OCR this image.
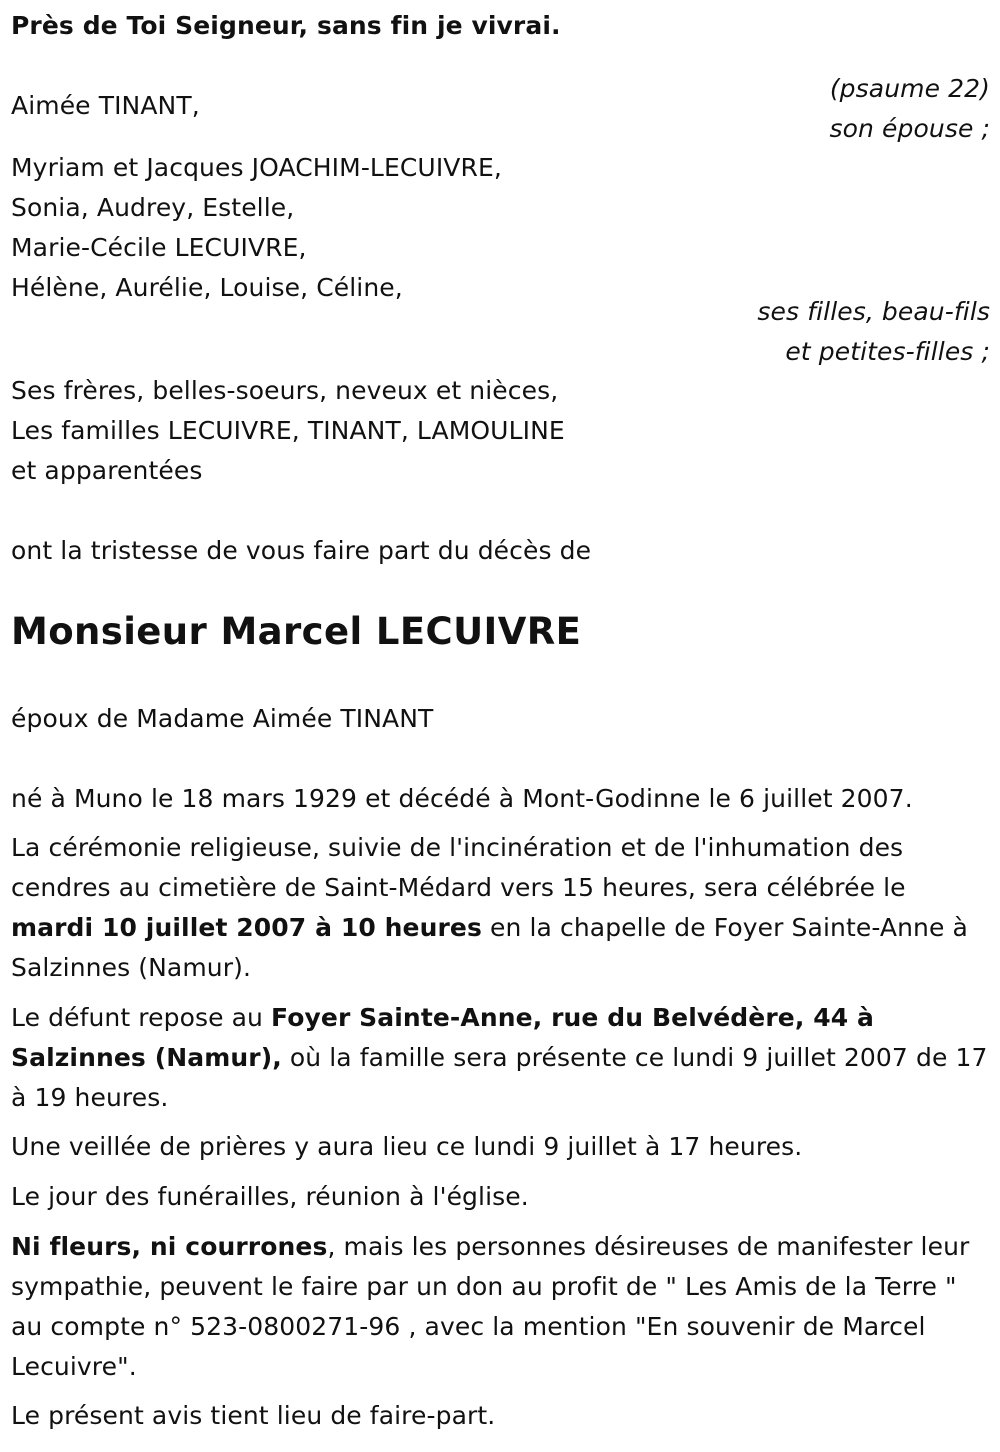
Près de Toi Seigneur, sans fin je vivrai.
(psaume 22)
Aimée TINANT,
son épouse ;
Myriam et Jacques JOACHIM-LECUIVRE,
Sonia, Audrey, Estelle,
Marie-Cécile LECUIVRE,
Hélène, Aurélie, Louise, Céline,
ses filles, beau-fils
et petites-filles ;
Ses frères, belles-soeurs, neveux et nièces,
Les familles LECUIVRE, TINANT, LAMOULINE
et apparentées
ont la tristesse de vous faire part du décès de
Monsieur Marcel LECUIVRE
époux de Madame Aimée TINANT
né à Muno le 18 mars 1929 et décédé à Mont-Godinne le 6 juillet 2007.
La cérémonie religieuse, suivie de l'incinération et de l'inhumation des cendres au cimetière de Saint-Médard vers 15 heures, sera célébrée le mardi 10 juillet 2007 à 10 heures en la chapelle de Foyer Sainte-Anne à Salzinnes (Namur).
Le défunt repose au Foyer Sainte-Anne, rue du Belvédère, 44 à Salzinnes (Namur), où la famille sera présente ce lundi 9 juillet 2007 de 17 à 19 heures.
Une veillée de prières y aura lieu ce lundi 9 juillet à 17 heures.
Le jour des funérailles, réunion à l'église.
Ni fleurs, ni courrones, mais les personnes désireuses de manifester leur sympathie, peuvent le faire par un don au profit de " Les Amis de la Terre " au compte n° 523-0800271-96 , avec la mention "En souvenir de Marcel Lecuivre".
Le présent avis tient lieu de faire-part.
